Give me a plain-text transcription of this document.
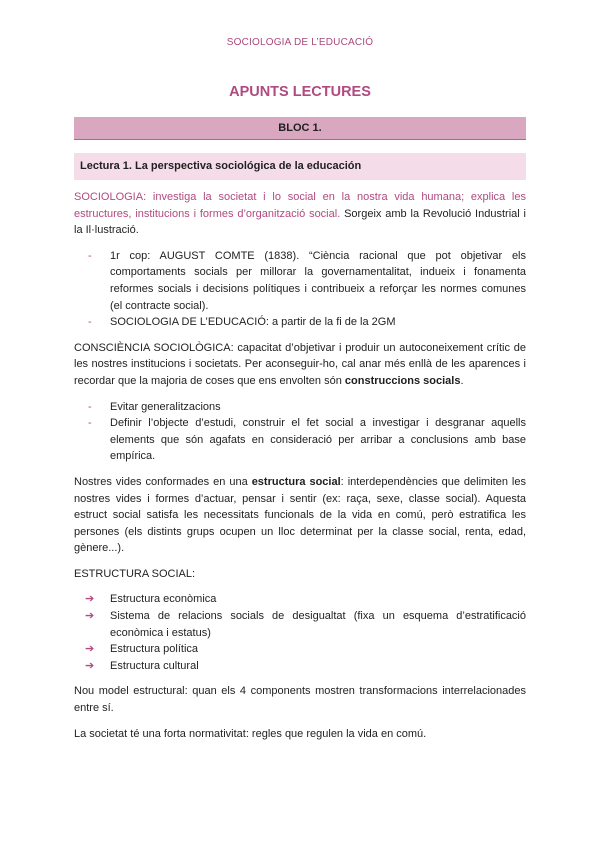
SOCIOLOGIA DE L’EDUCACIÓ
APUNTS LECTURES
BLOC 1.
Lectura 1. La perspectiva sociológica de la educación

SOCIOLOGIA: investiga la societat i lo social en la nostra vida humana; explica les estructures, institucions i formes d’organització social. Sorgeix amb la Revolució Industrial i la Il·lustració.

- 1r cop: AUGUST COMTE (1838). “Ciència racional que pot objetivar els comportaments socials per millorar la governamentalitat, indueix i fonamenta reformes socials i decisions polítiques i contribueix a reforçar les normes comunes (el contracte social).
- SOCIOLOGIA DE L’EDUCACIÓ: a partir de la fi de la 2GM

CONSCIÈNCIA SOCIOLÒGICA: capacitat d’objetivar i produir un autoconeixement crític de les nostres institucions i societats. Per aconseguir-ho, cal anar més enllà de les aparences i recordar que la majoria de coses que ens envolten són construccions socials.

- Evitar generalitzacions
- Definir l’objecte d’estudi, construir el fet social a investigar i desgranar aquells elements que són agafats en consideració per arribar a conclusions amb base empírica.

Nostres vides conformades en una estructura social: interdependències que delimiten les nostres vides i formes d’actuar, pensar i sentir (ex: raça, sexe, classe social). Aquesta estruct social satisfa les necessitats funcionals de la vida en comú, però estratifica les persones (els distints grups ocupen un lloc determinat per la classe social, renta, edad, gènere...).

ESTRUCTURA SOCIAL:

➔ Estructura econòmica
➔ Sistema de relacions socials de desigualtat (fixa un esquema d’estratificació econòmica i estatus)
➔ Estructura política
➔ Estructura cultural

Nou model estructural: quan els 4 components mostren transformacions interrelacionades entre sí.

La societat té una forta normativitat: regles que regulen la vida en comú.
